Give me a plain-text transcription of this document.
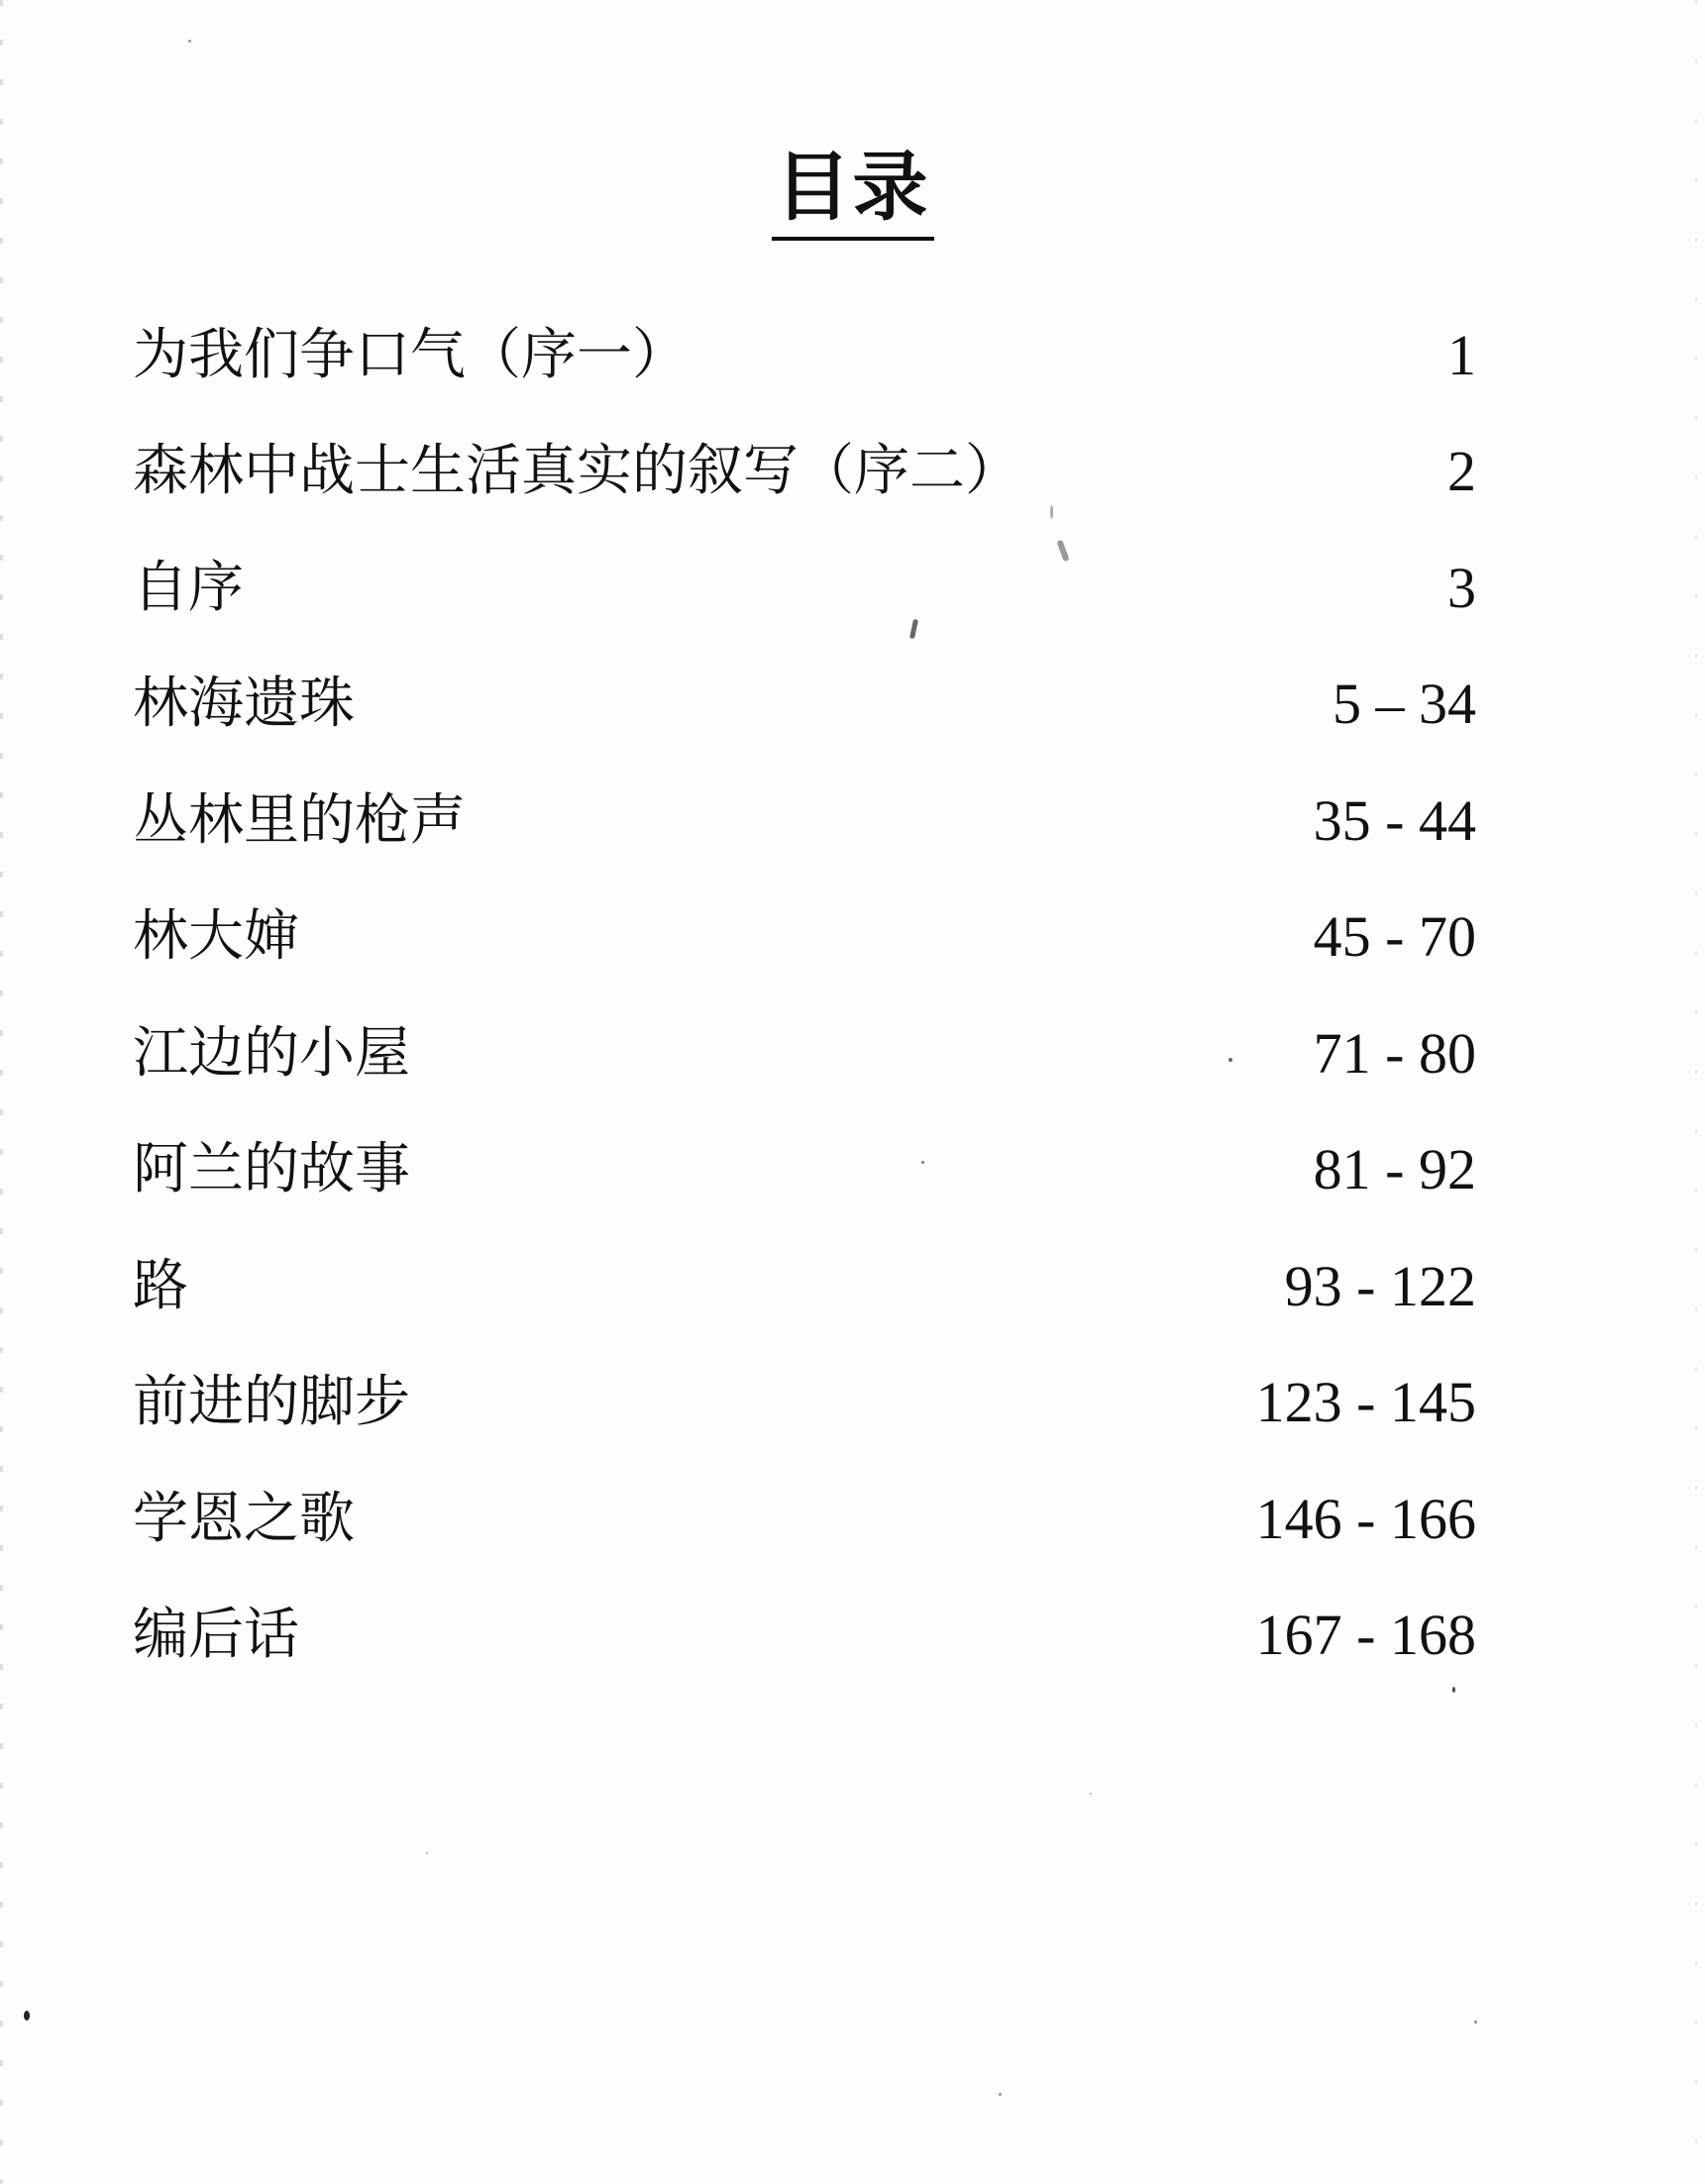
目录
为我们争口气（序一）	1
森林中战士生活真实的叙写（序二）	2
自序	3
林海遗珠	5 – 34
丛林里的枪声	35 - 44
林大婶	45 - 70
江边的小屋	71 - 80
阿兰的故事	81 - 92
路	93 - 122
前进的脚步	123 - 145
学恩之歌	146 - 166
编后话	167 - 168
